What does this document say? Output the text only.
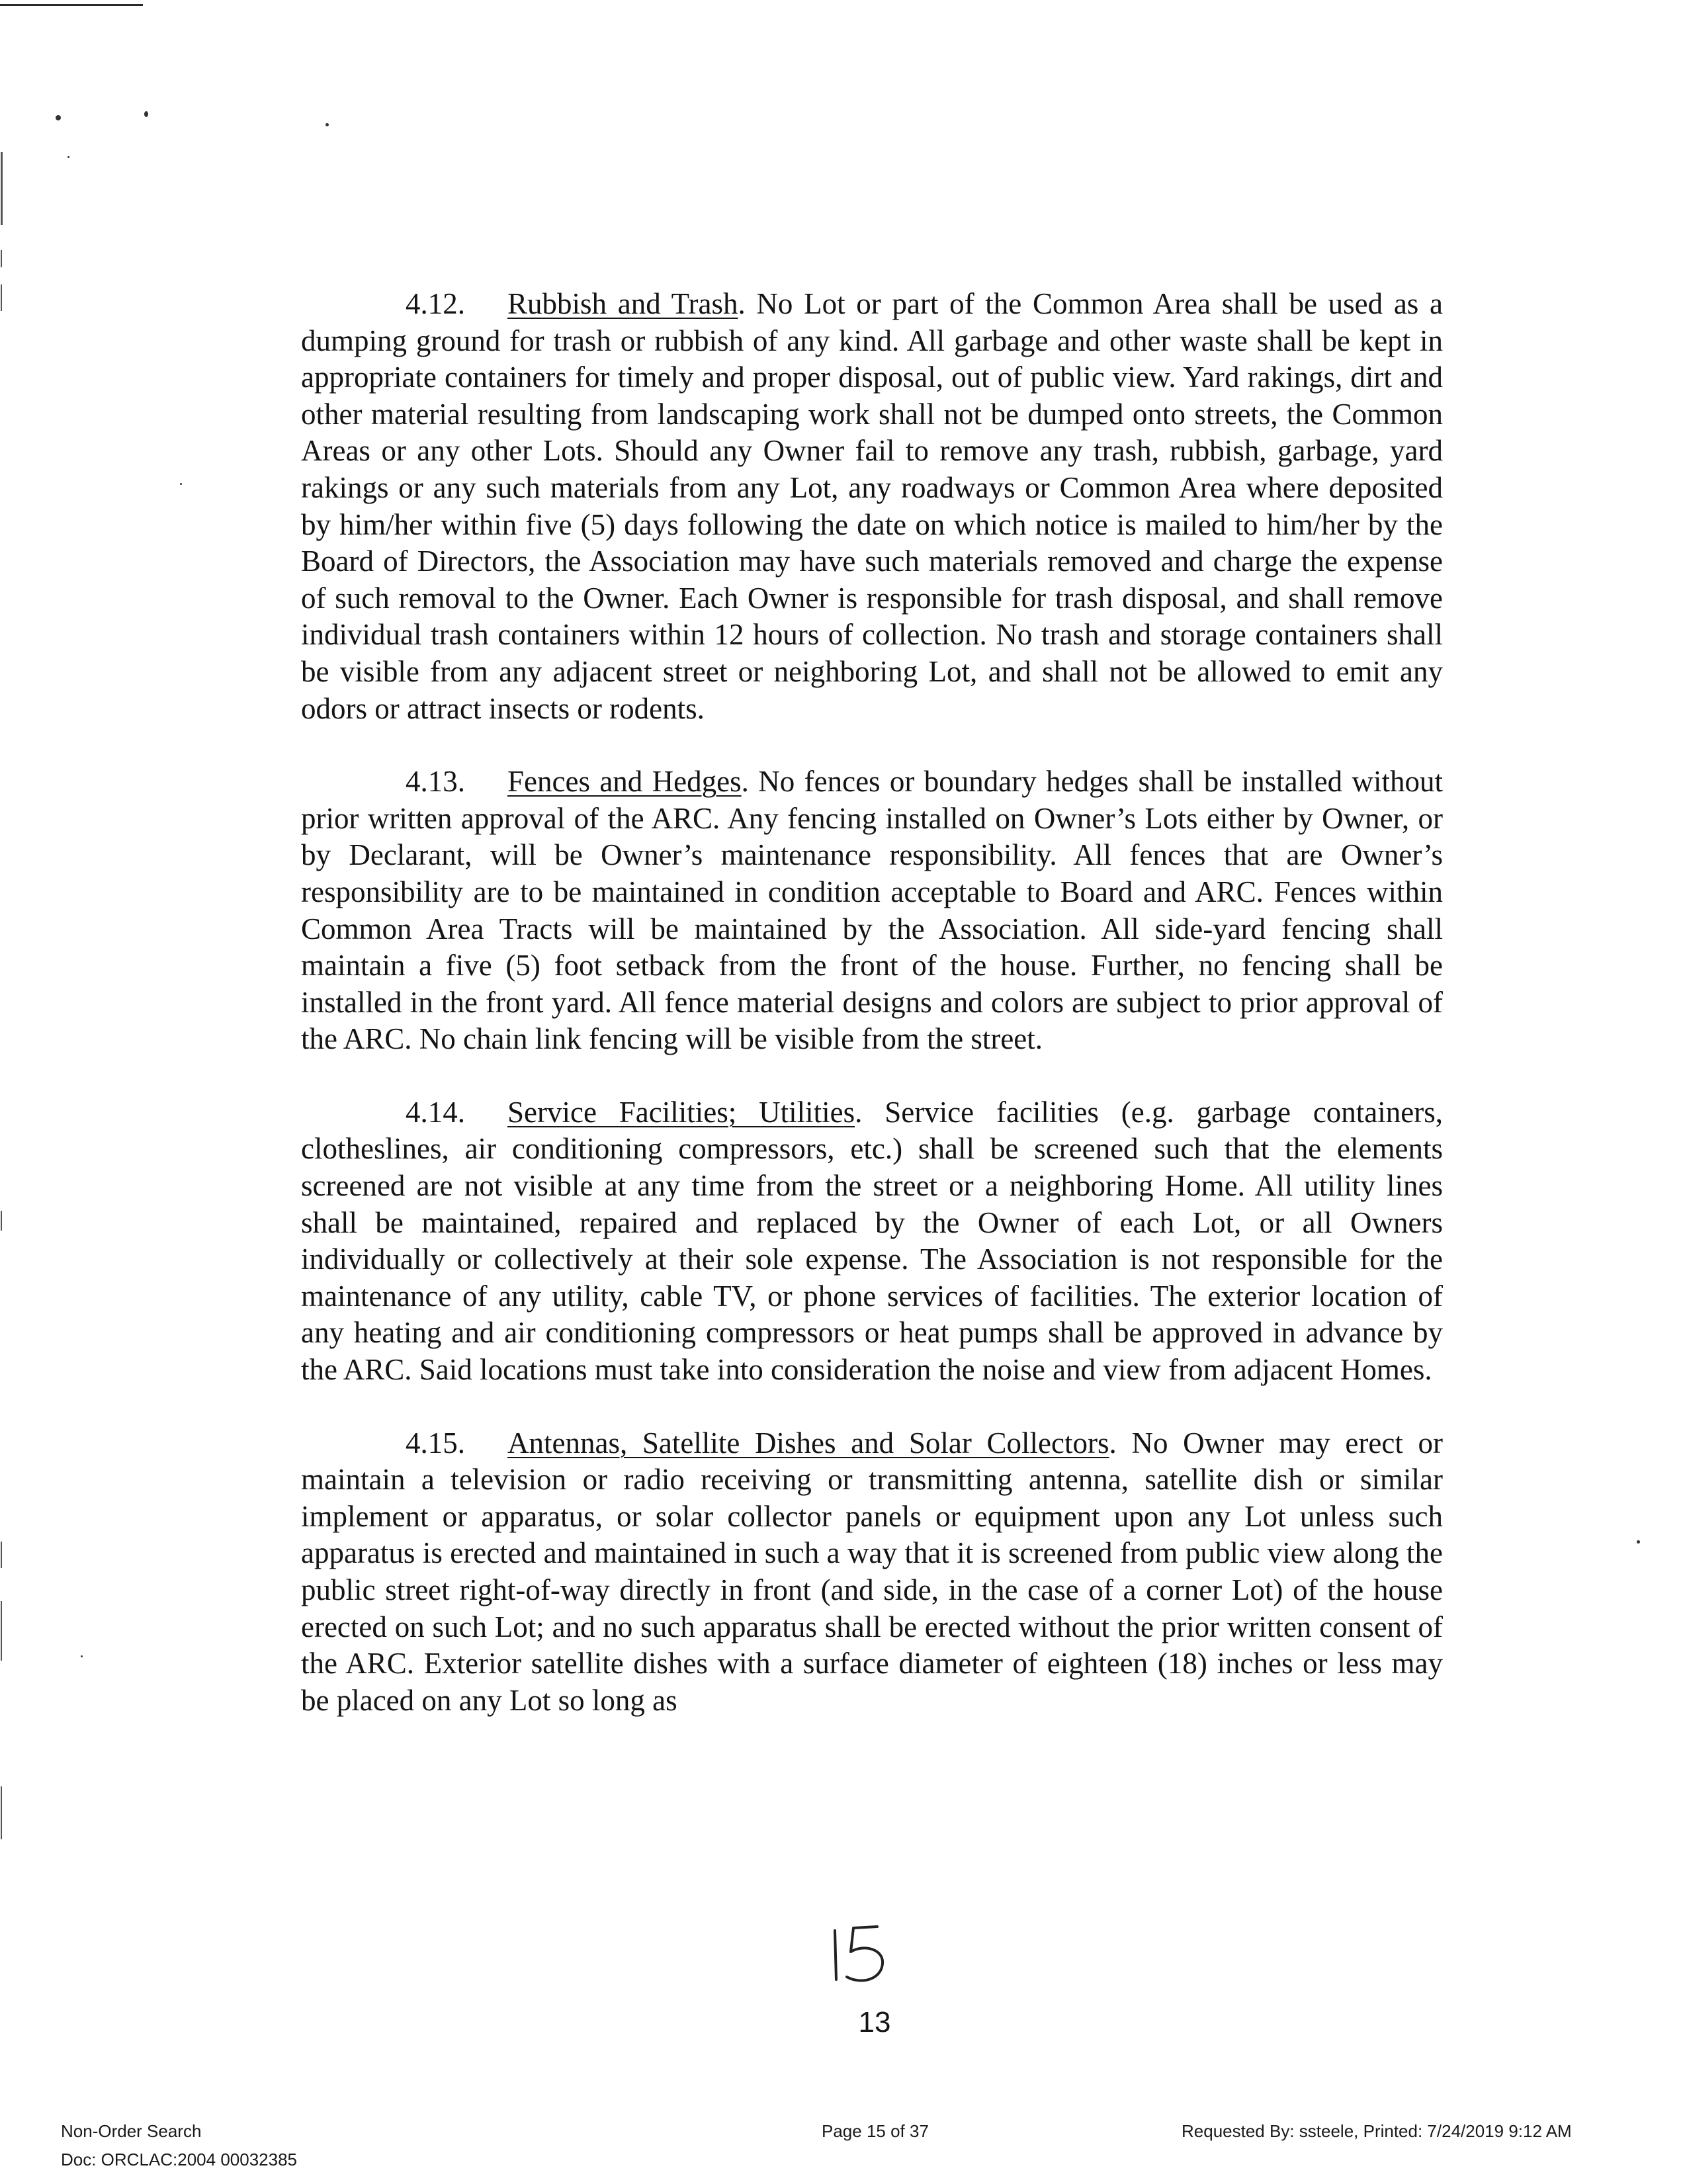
4.12. Rubbish and Trash. No Lot or part of the Common Area shall be used as a dumping ground for trash or rubbish of any kind. All garbage and other waste shall be kept in appropriate containers for timely and proper disposal, out of public view. Yard rakings, dirt and other material resulting from landscaping work shall not be dumped onto streets, the Common Areas or any other Lots. Should any Owner fail to remove any trash, rubbish, garbage, yard rakings or any such materials from any Lot, any roadways or Common Area where deposited by him/her within five (5) days following the date on which notice is mailed to him/her by the Board of Directors, the Association may have such materials removed and charge the expense of such removal to the Owner. Each Owner is responsible for trash disposal, and shall remove individual trash containers within 12 hours of collection. No trash and storage containers shall be visible from any adjacent street or neighboring Lot, and shall not be allowed to emit any odors or attract insects or rodents.

4.13. Fences and Hedges. No fences or boundary hedges shall be installed without prior written approval of the ARC. Any fencing installed on Owner’s Lots either by Owner, or by Declarant, will be Owner’s maintenance responsibility. All fences that are Owner’s responsibility are to be maintained in condition acceptable to Board and ARC. Fences within Common Area Tracts will be maintained by the Association. All side-yard fencing shall maintain a five (5) foot setback from the front of the house. Further, no fencing shall be installed in the front yard. All fence material designs and colors are subject to prior approval of the ARC. No chain link fencing will be visible from the street.

4.14. Service Facilities; Utilities. Service facilities (e.g. garbage containers, clotheslines, air conditioning compressors, etc.) shall be screened such that the elements screened are not visible at any time from the street or a neighboring Home. All utility lines shall be maintained, repaired and replaced by the Owner of each Lot, or all Owners individually or collectively at their sole expense. The Association is not responsible for the maintenance of any utility, cable TV, or phone services of facilities. The exterior location of any heating and air conditioning compressors or heat pumps shall be approved in advance by the ARC. Said locations must take into consideration the noise and view from adjacent Homes.

4.15. Antennas, Satellite Dishes and Solar Collectors. No Owner may erect or maintain a television or radio receiving or transmitting antenna, satellite dish or similar implement or apparatus, or solar collector panels or equipment upon any Lot unless such apparatus is erected and maintained in such a way that it is screened from public view along the public street right-of-way directly in front (and side, in the case of a corner Lot) of the house erected on such Lot; and no such apparatus shall be erected without the prior written consent of the ARC. Exterior satellite dishes with a surface diameter of eighteen (18) inches or less may be placed on any Lot so long as

13
Non-Order Search
Doc: ORCLAC:2004 00032385
Page 15 of 37	Requested By: ssteele, Printed: 7/24/2019 9:12 AM
